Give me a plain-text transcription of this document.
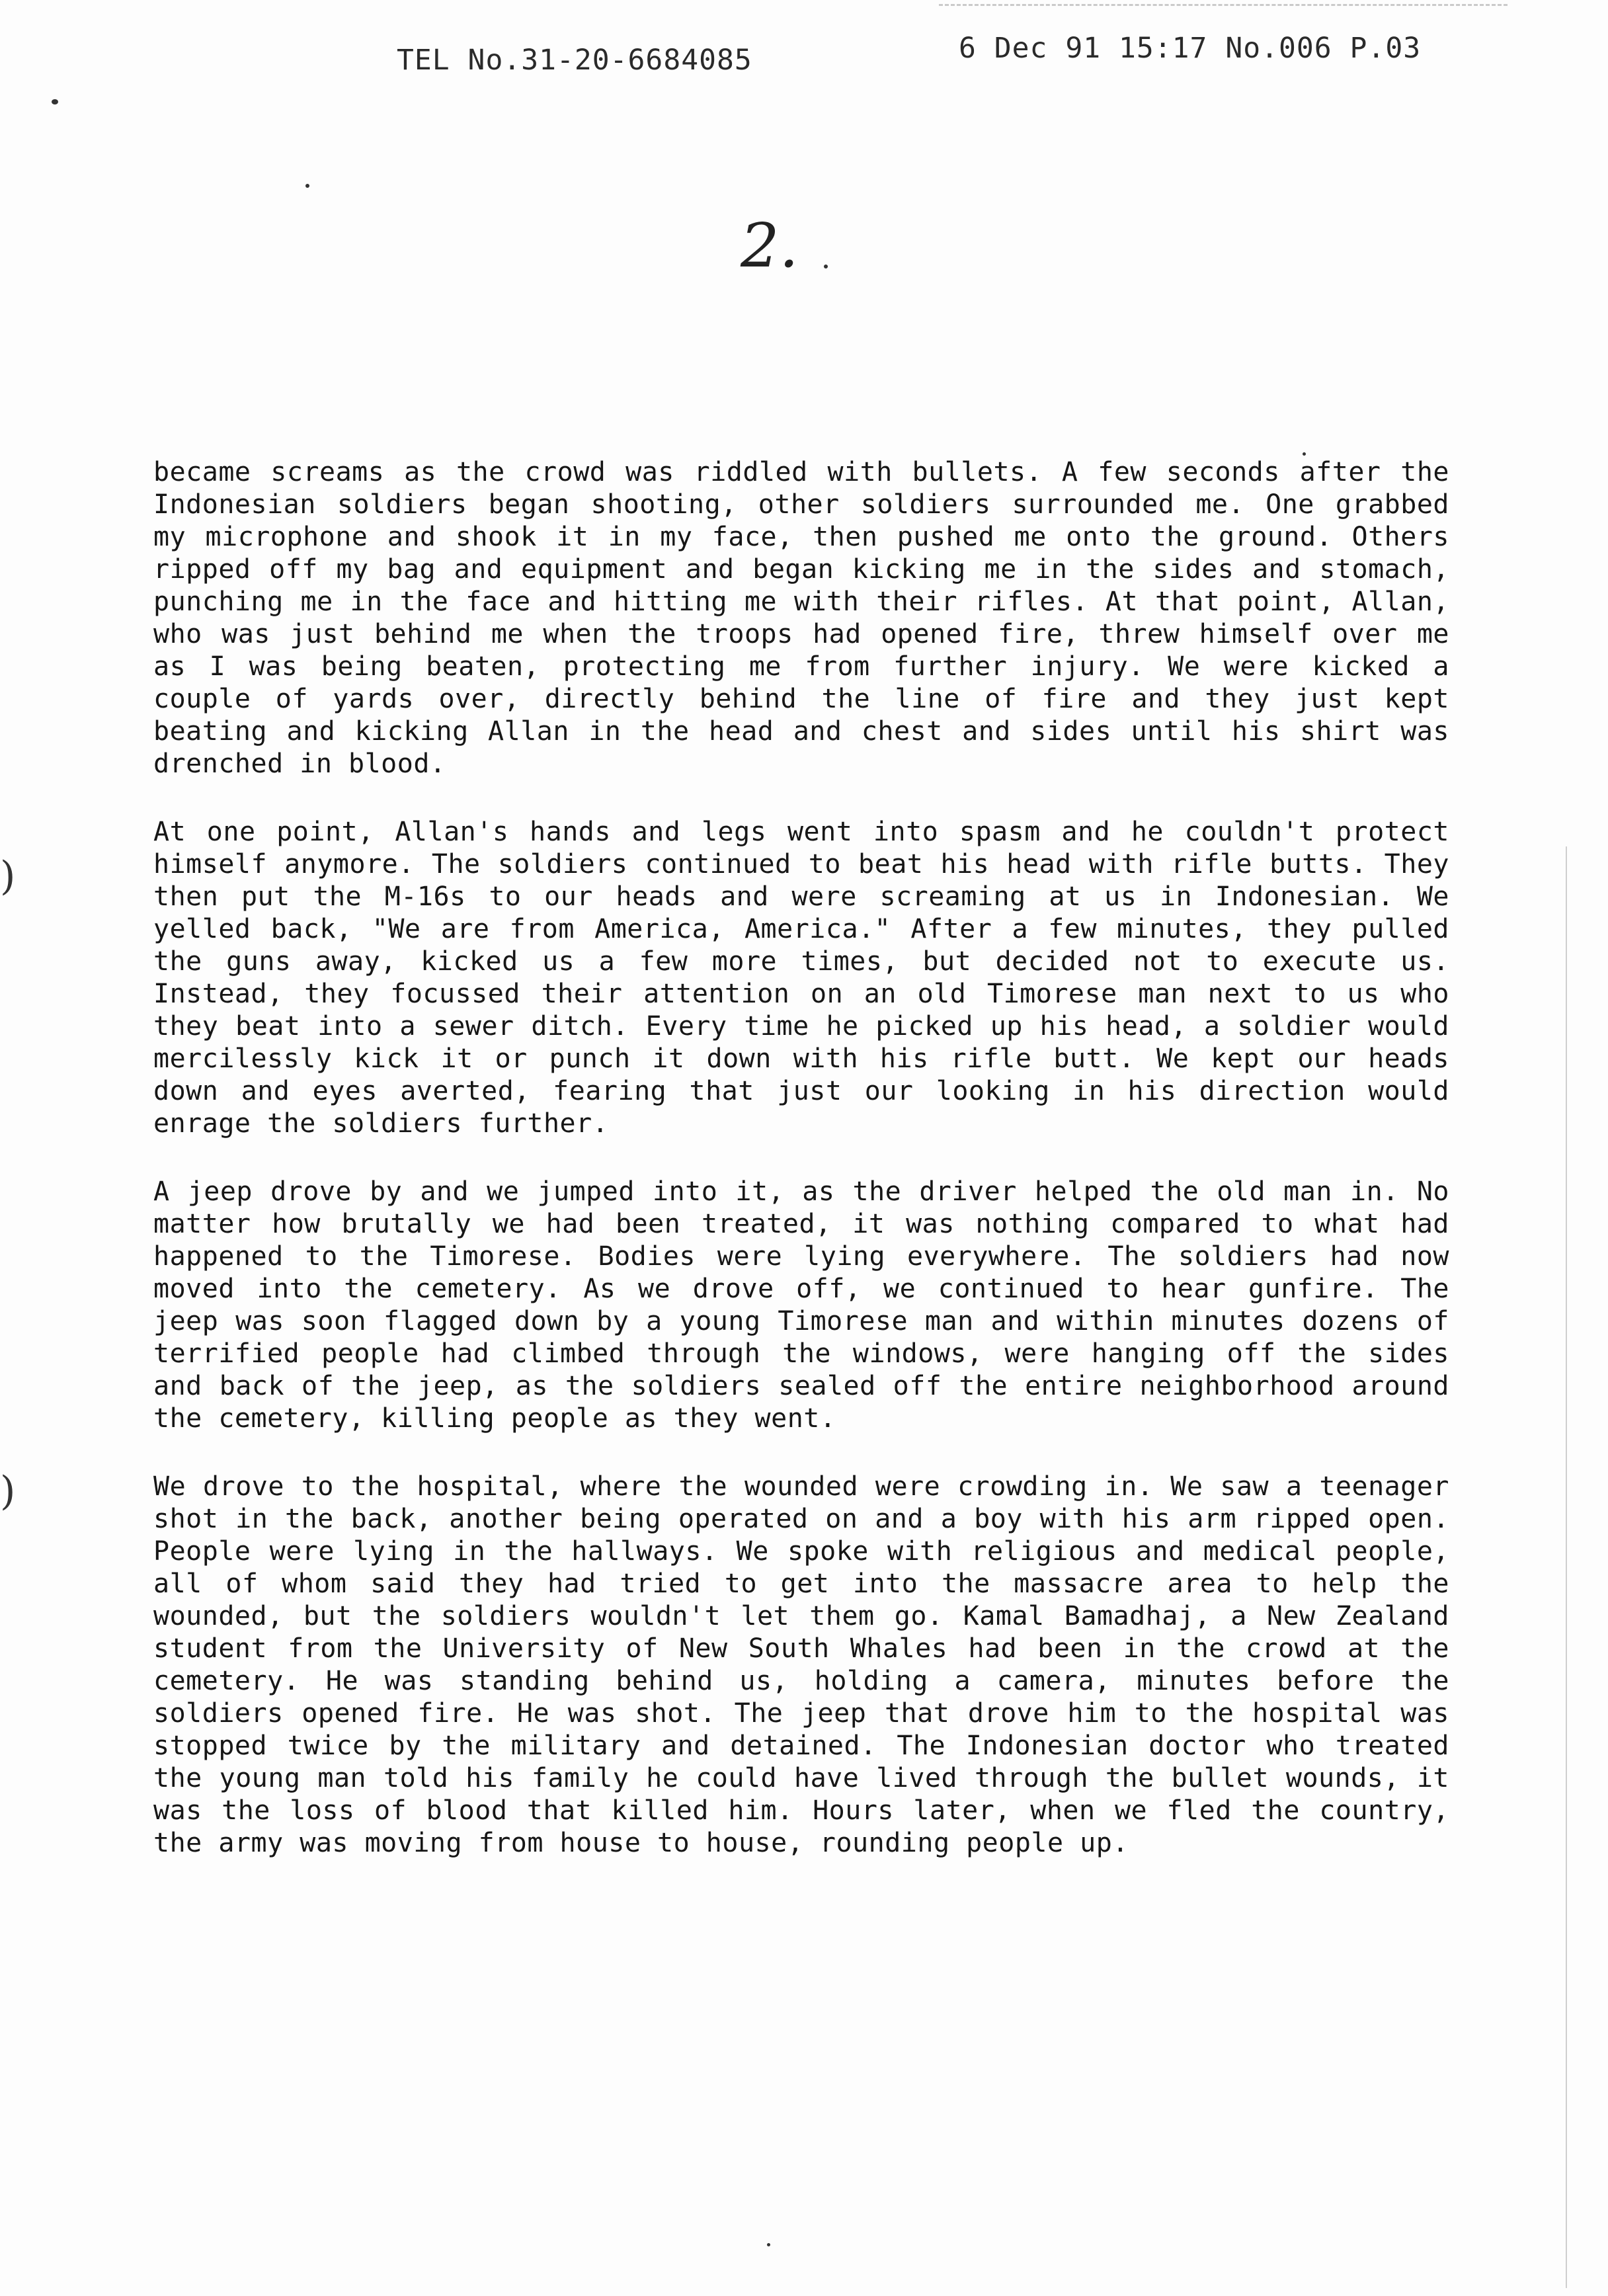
TEL No.31-20-6684085	6 Dec 91 15:17 No.006 P.03
)
)
2.

became screams as the crowd was riddled with bullets. A few seconds after the Indonesian soldiers began shooting, other soldiers surrounded me. One grabbed my microphone and shook it in my face, then pushed me onto the ground. Others ripped off my bag and equipment and began kicking me in the sides and stomach, punching me in the face and hitting me with their rifles. At that point, Allan, who was just behind me when the troops had opened fire, threw himself over me as I was being beaten, protecting me from further injury. We were kicked a couple of yards over, directly behind the line of fire and they just kept beating and kicking Allan in the head and chest and sides until his shirt was drenched in blood.

At one point, Allan's hands and legs went into spasm and he couldn't protect himself anymore. The soldiers continued to beat his head with rifle butts. They then put the M-16s to our heads and were screaming at us in Indonesian. We yelled back, "We are from America, America." After a few minutes, they pulled the guns away, kicked us a few more times, but decided not to execute us. Instead, they focussed their attention on an old Timorese man next to us who they beat into a sewer ditch. Every time he picked up his head, a soldier would mercilessly kick it or punch it down with his rifle butt. We kept our heads down and eyes averted, fearing that just our looking in his direction would enrage the soldiers further.

A jeep drove by and we jumped into it, as the driver helped the old man in. No matter how brutally we had been treated, it was nothing compared to what had happened to the Timorese. Bodies were lying everywhere. The soldiers had now moved into the cemetery. As we drove off, we continued to hear gunfire. The jeep was soon flagged down by a young Timorese man and within minutes dozens of terrified people had climbed through the windows, were hanging off the sides and back of the jeep, as the soldiers sealed off the entire neighborhood around the cemetery, killing people as they went.

We drove to the hospital, where the wounded were crowding in. We saw a teenager shot in the back, another being operated on and a boy with his arm ripped open. People were lying in the hallways. We spoke with religious and medical people, all of whom said they had tried to get into the massacre area to help the wounded, but the soldiers wouldn't let them go. Kamal Bamadhaj, a New Zealand student from the University of New South Whales had been in the crowd at the cemetery. He was standing behind us, holding a camera, minutes before the soldiers opened fire. He was shot. The jeep that drove him to the hospital was stopped twice by the military and detained. The Indonesian doctor who treated the young man told his family he could have lived through the bullet wounds, it was the loss of blood that killed him. Hours later, when we fled the country, the army was moving from house to house, rounding people up.
